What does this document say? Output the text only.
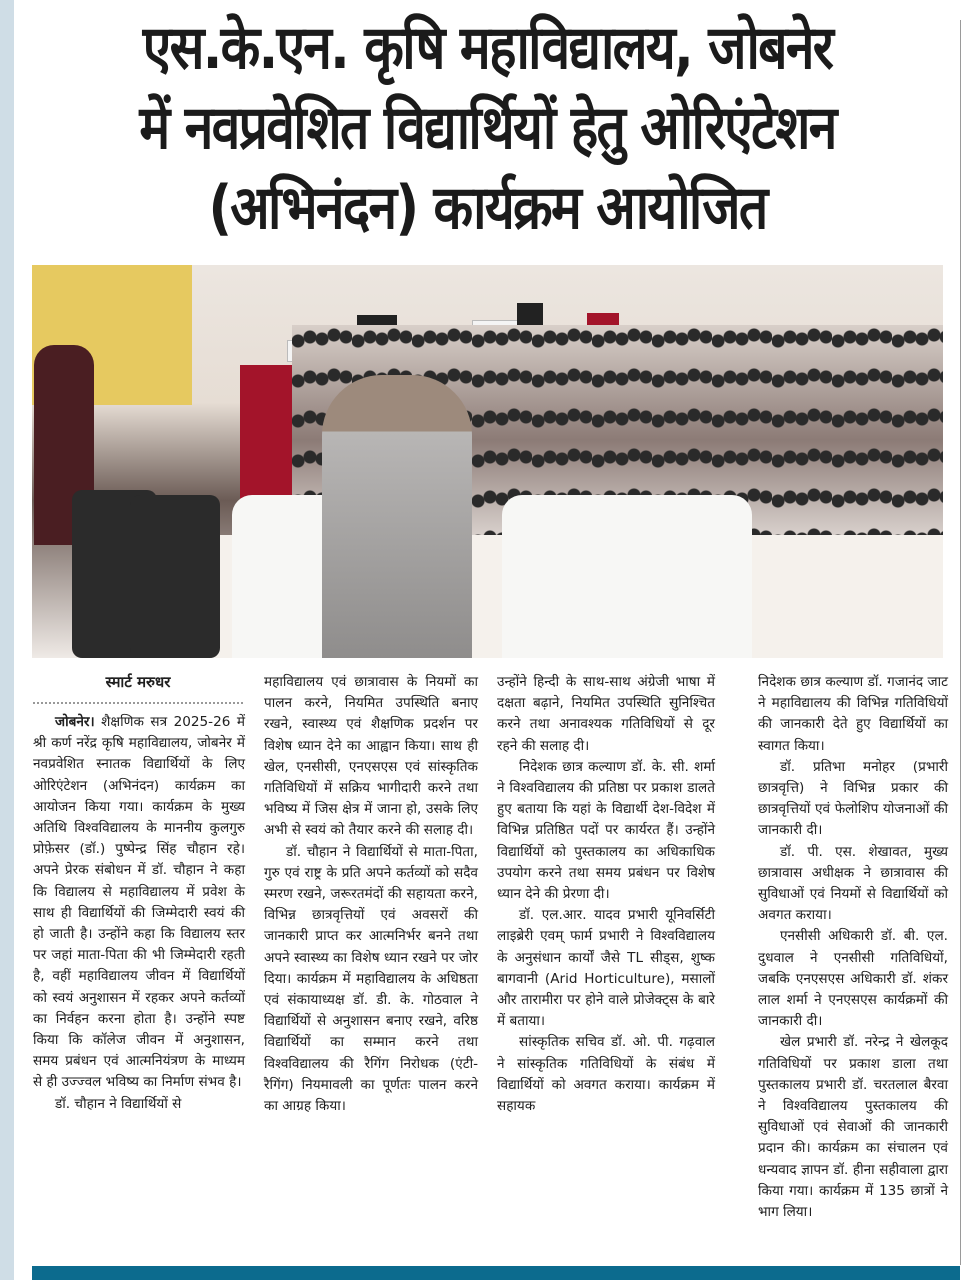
एस.के.एन. कृषि महाविद्यालय, जोबनेर
में नवप्रवेशित विद्यार्थियों हेतु ओरिएंटेशन
(अभिनंदन) कार्यक्रम आयोजित
स्मार्ट मरुधर

जोबनेर। शैक्षणिक सत्र 2025-26 में श्री कर्ण नरेंद्र कृषि महाविद्यालय, जोबनेर में नवप्रवेशित स्नातक विद्यार्थियों के लिए ओरिएंटेशन (अभिनंदन) कार्यक्रम का आयोजन किया गया। कार्यक्रम के मुख्य अतिथि विश्वविद्यालय के माननीय कुलगुरु प्रोफ़ेसर (डॉ.) पुष्पेन्द्र सिंह चौहान रहे। अपने प्रेरक संबोधन में डॉ. चौहान ने कहा कि विद्यालय से महाविद्यालय में प्रवेश के साथ ही विद्यार्थियों की जिम्मेदारी स्वयं की हो जाती है। उन्होंने कहा कि विद्यालय स्तर पर जहां माता-पिता की भी जिम्मेदारी रहती है, वहीं महाविद्यालय जीवन में विद्यार्थियों को स्वयं अनुशासन में रहकर अपने कर्तव्यों का निर्वहन करना होता है। उन्होंने स्पष्ट किया कि कॉलेज जीवन में अनुशासन, समय प्रबंधन एवं आत्मनियंत्रण के माध्यम से ही उज्ज्वल भविष्य का निर्माण संभव है।

डॉ. चौहान ने विद्यार्थियों से

महाविद्यालय एवं छात्रावास के नियमों का पालन करने, नियमित उपस्थिति बनाए रखने, स्वास्थ्य एवं शैक्षणिक प्रदर्शन पर विशेष ध्यान देने का आह्वान किया। साथ ही खेल, एनसीसी, एनएसएस एवं सांस्कृतिक गतिविधियों में सक्रिय भागीदारी करने तथा भविष्य में जिस क्षेत्र में जाना हो, उसके लिए अभी से स्वयं को तैयार करने की सलाह दी।

डॉ. चौहान ने विद्यार्थियों से माता-पिता, गुरु एवं राष्ट्र के प्रति अपने कर्तव्यों को सदैव स्मरण रखने, जरूरतमंदों की सहायता करने, विभिन्न छात्रवृत्तियों एवं अवसरों की जानकारी प्राप्त कर आत्मनिर्भर बनने तथा अपने स्वास्थ्य का विशेष ध्यान रखने पर जोर दिया। कार्यक्रम में महाविद्यालय के अधिष्ठता एवं संकायाध्यक्ष डॉ. डी. के. गोठवाल ने विद्यार्थियों से अनुशासन बनाए रखने, वरिष्ठ विद्यार्थियों का सम्मान करने तथा विश्वविद्यालय की रैगिंग निरोधक (एंटी-रैगिंग) नियमावली का पूर्णतः पालन करने का आग्रह किया।

उन्होंने हिन्दी के साथ-साथ अंग्रेजी भाषा में दक्षता बढ़ाने, नियमित उपस्थिति सुनिश्चित करने तथा अनावश्यक गतिविधियों से दूर रहने की सलाह दी।

निदेशक छात्र कल्याण डॉ. के. सी. शर्मा ने विश्वविद्यालय की प्रतिष्ठा पर प्रकाश डालते हुए बताया कि यहां के विद्यार्थी देश-विदेश में विभिन्न प्रतिष्ठित पदों पर कार्यरत हैं। उन्होंने विद्यार्थियों को पुस्तकालय का अधिकाधिक उपयोग करने तथा समय प्रबंधन पर विशेष ध्यान देने की प्रेरणा दी।

डॉ. एल.आर. यादव प्रभारी यूनिवर्सिटी लाइब्रेरी एवम् फार्म प्रभारी ने विश्वविद्यालय के अनुसंधान कार्यों जैसे TL सीड्स, शुष्क बागवानी (Arid Horticulture), मसालों और तारामीरा पर होने वाले प्रोजेक्ट्स के बारे में बताया।

सांस्कृतिक सचिव डॉ. ओ. पी. गढ़वाल ने सांस्कृतिक गतिविधियों के संबंध में विद्यार्थियों को अवगत कराया। कार्यक्रम में सहायक

निदेशक छात्र कल्याण डॉ. गजानंद जाट ने महाविद्यालय की विभिन्न गतिविधियों की जानकारी देते हुए विद्यार्थियों का स्वागत किया।

डॉ. प्रतिभा मनोहर (प्रभारी छात्रवृत्ति) ने विभिन्न प्रकार की छात्रवृत्तियों एवं फेलोशिप योजनाओं की जानकारी दी।

डॉ. पी. एस. शेखावत, मुख्य छात्रावास अधीक्षक ने छात्रावास की सुविधाओं एवं नियमों से विद्यार्थियों को अवगत कराया।

एनसीसी अधिकारी डॉ. बी. एल. दुधवाल ने एनसीसी गतिविधियों, जबकि एनएसएस अधिकारी डॉ. शंकर लाल शर्मा ने एनएसएस कार्यक्रमों की जानकारी दी।

खेल प्रभारी डॉ. नरेन्द्र ने खेलकूद गतिविधियों पर प्रकाश डाला तथा पुस्तकालय प्रभारी डॉ. चरतलाल बैरवा ने विश्वविद्यालय पुस्तकालय की सुविधाओं एवं सेवाओं की जानकारी प्रदान की। कार्यक्रम का संचालन एवं धन्यवाद ज्ञापन डॉ. हीना सहीवाला द्वारा किया गया। कार्यक्रम में 135 छात्रों ने भाग लिया।
